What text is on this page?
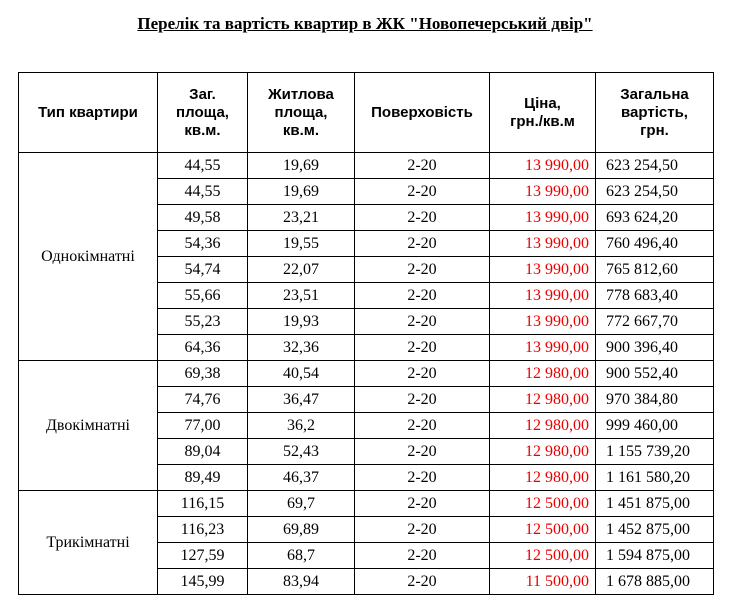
Перелік та вартість квартир в ЖК "Новопечерський двір"
Тип квартири	Заг.
площа,
кв.м.	Житлова
площа,
кв.м.	Поверховість	Ціна,
грн./кв.м	Загальна
вартість,
грн.

Однокімнатні	44,55	19,69	2-20	13 990,00	623 254,50
	44,55	19,69	2-20	13 990,00	623 254,50
	49,58	23,21	2-20	13 990,00	693 624,20
	54,36	19,55	2-20	13 990,00	760 496,40
	54,74	22,07	2-20	13 990,00	765 812,60
	55,66	23,51	2-20	13 990,00	778 683,40
	55,23	19,93	2-20	13 990,00	772 667,70
	64,36	32,36	2-20	13 990,00	900 396,40
Двокімнатні	69,38	40,54	2-20	12 980,00	900 552,40
	74,76	36,47	2-20	12 980,00	970 384,80
	77,00	36,2	2-20	12 980,00	999 460,00
	89,04	52,43	2-20	12 980,00	1 155 739,20
	89,49	46,37	2-20	12 980,00	1 161 580,20
Трикімнатні	116,15	69,7	2-20	12 500,00	1 451 875,00
	116,23	69,89	2-20	12 500,00	1 452 875,00
	127,59	68,7	2-20	12 500,00	1 594 875,00
	145,99	83,94	2-20	11 500,00	1 678 885,00
